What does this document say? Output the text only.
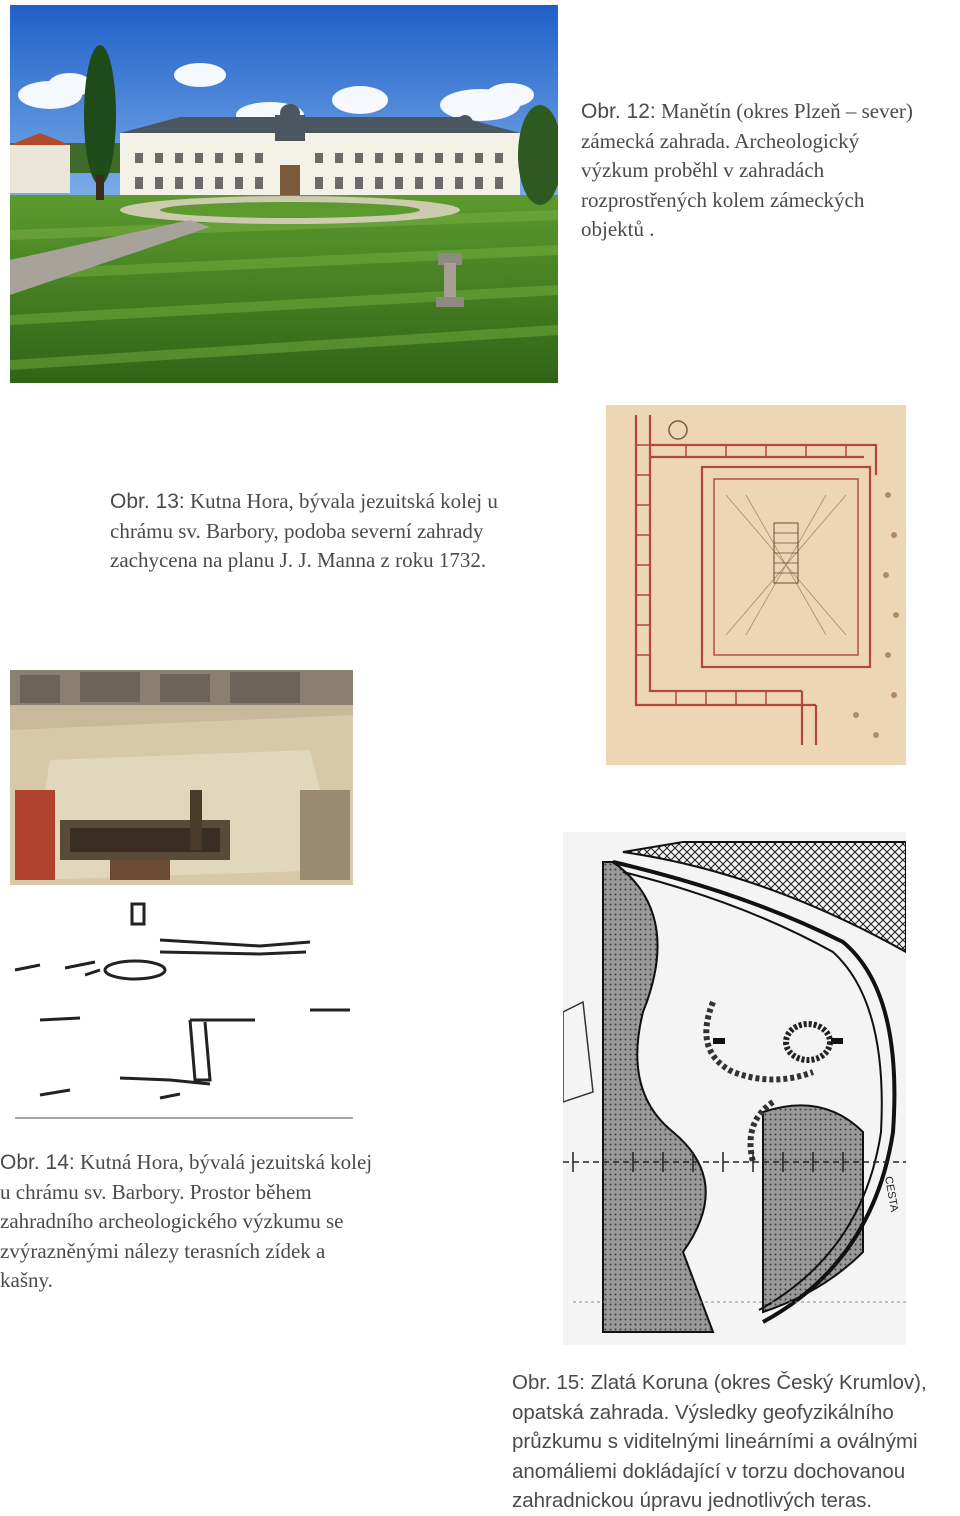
Obr. 12: Manětín (okres Plzeň – sever)
zámecká zahrada. Archeologický
výzkum proběhl v zahradách
rozprostřených kolem zámeckých
objektů .
Obr. 13: Kutna Hora, bývala jezuitská kolej u
chrámu sv. Barbory, podoba severní zahrady
zachycena na planu J. J. Manna z roku 1732.
Obr. 14: Kutná Hora, bývalá jezuitská kolej
u chrámu sv. Barbory. Prostor během
zahradního archeologického výzkumu se
zvýrazněnými nálezy terasních zídek a
kašny.
CESTA
Obr. 15: Zlatá Koruna (okres Český Krumlov),
opatská zahrada. Výsledky geofyzikálního
průzkumu s viditelnými lineárními a oválnými
anomáliemi dokládající v torzu dochovanou
zahradnickou úpravu jednotlivých teras.
